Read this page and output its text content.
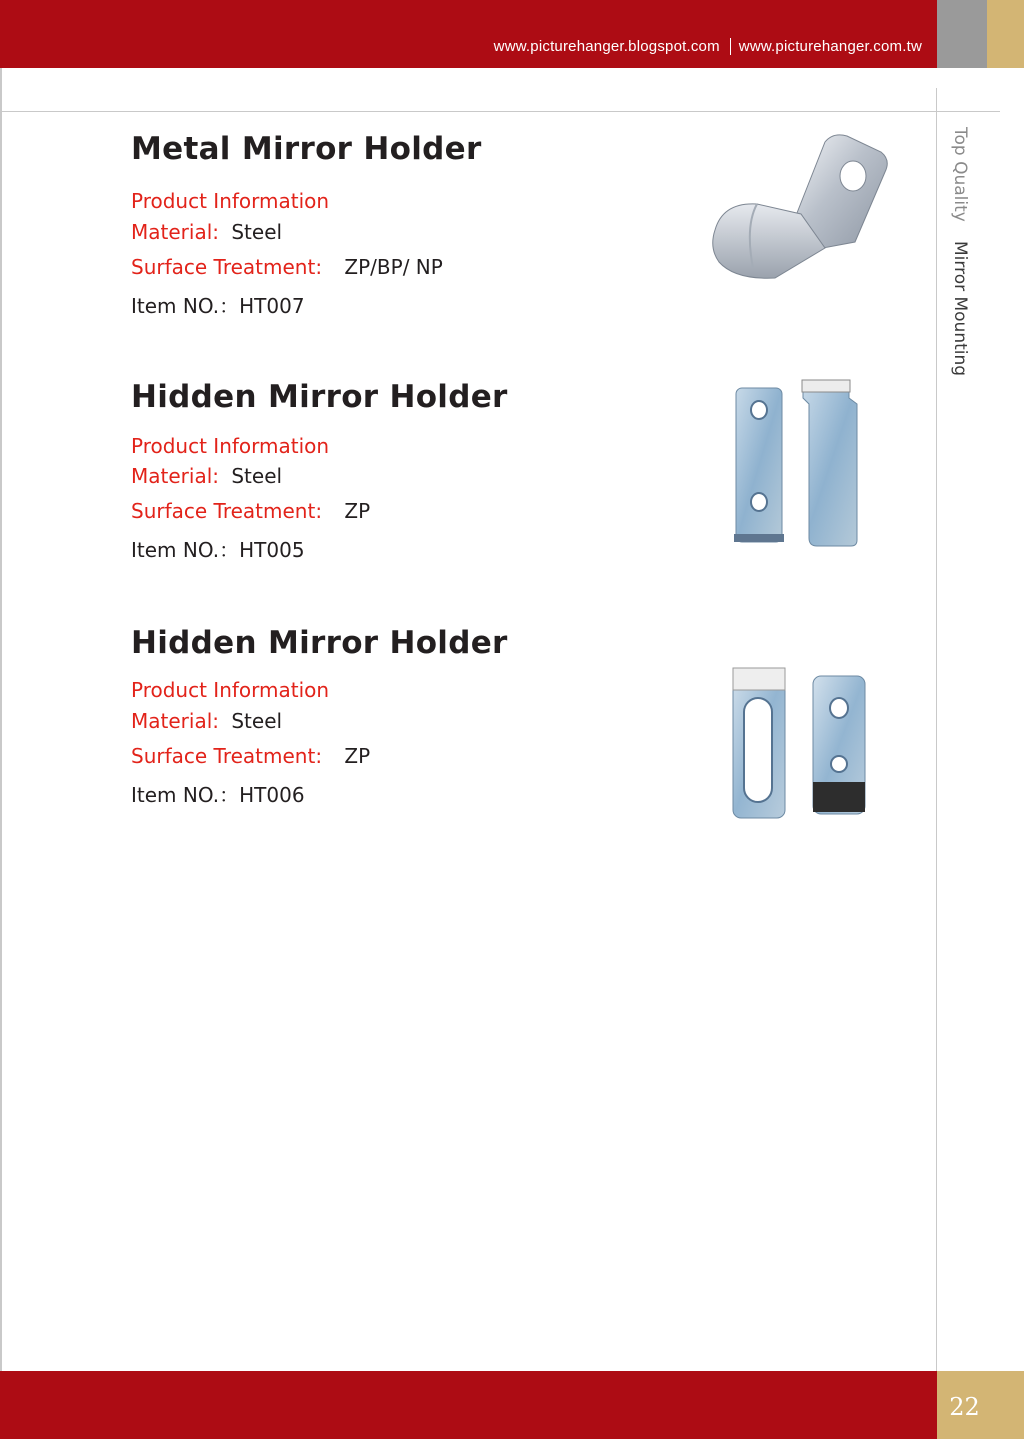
www.picturehanger.blogspot.com www.picturehanger.com.tw
Top Quality Mirror Mounting
Metal Mirror Holder
Product Information
Material: Steel
Surface Treatment: ZP/BP/ NP
Item NO.：HT007
Hidden Mirror Holder
Product Information
Material: Steel
Surface Treatment: ZP
Item NO.：HT005
Hidden Mirror Holder
Product Information
Material: Steel
Surface Treatment: ZP
Item NO.：HT006
22
